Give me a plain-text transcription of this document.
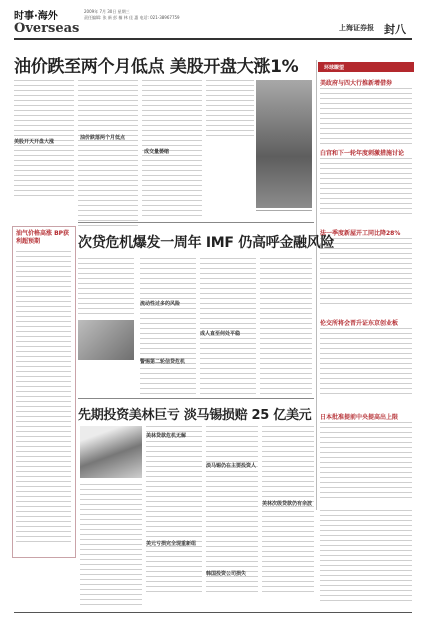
时事·海外
Overseas
2009年 7月 30日 星期三
责任编辑: 张 新 彭 楠 林 佳 惠 电话: 021-38967759
上海证券报 封八
油价跌至两个月低点 美股开盘大涨1%
美股开天开盘大涨
油价跌落两个月低点
成交量萎缩
环球瞭望
美政府与四大行推新增借券
白宫和下一轮年度刺激措施讨论
法一季度新屋开工同比降28%
伦交所将会晋升证东京创业板
日本批准提前中央提高出上限
油气价格高涨 BP获利超预期	次贷危机爆发一周年 IMF 仍高呼金融风险
成人直至何处平稳
流动性过多的风险
警惕第二轮信贷危机
先期投资美林巨亏 淡马锡损赔 25 亿美元
美林贷款危机无解
美元亏损完全现重新组
淡马锡仍在主要投资人
韩国投资公司损失
美林次级贷款仍有余波
